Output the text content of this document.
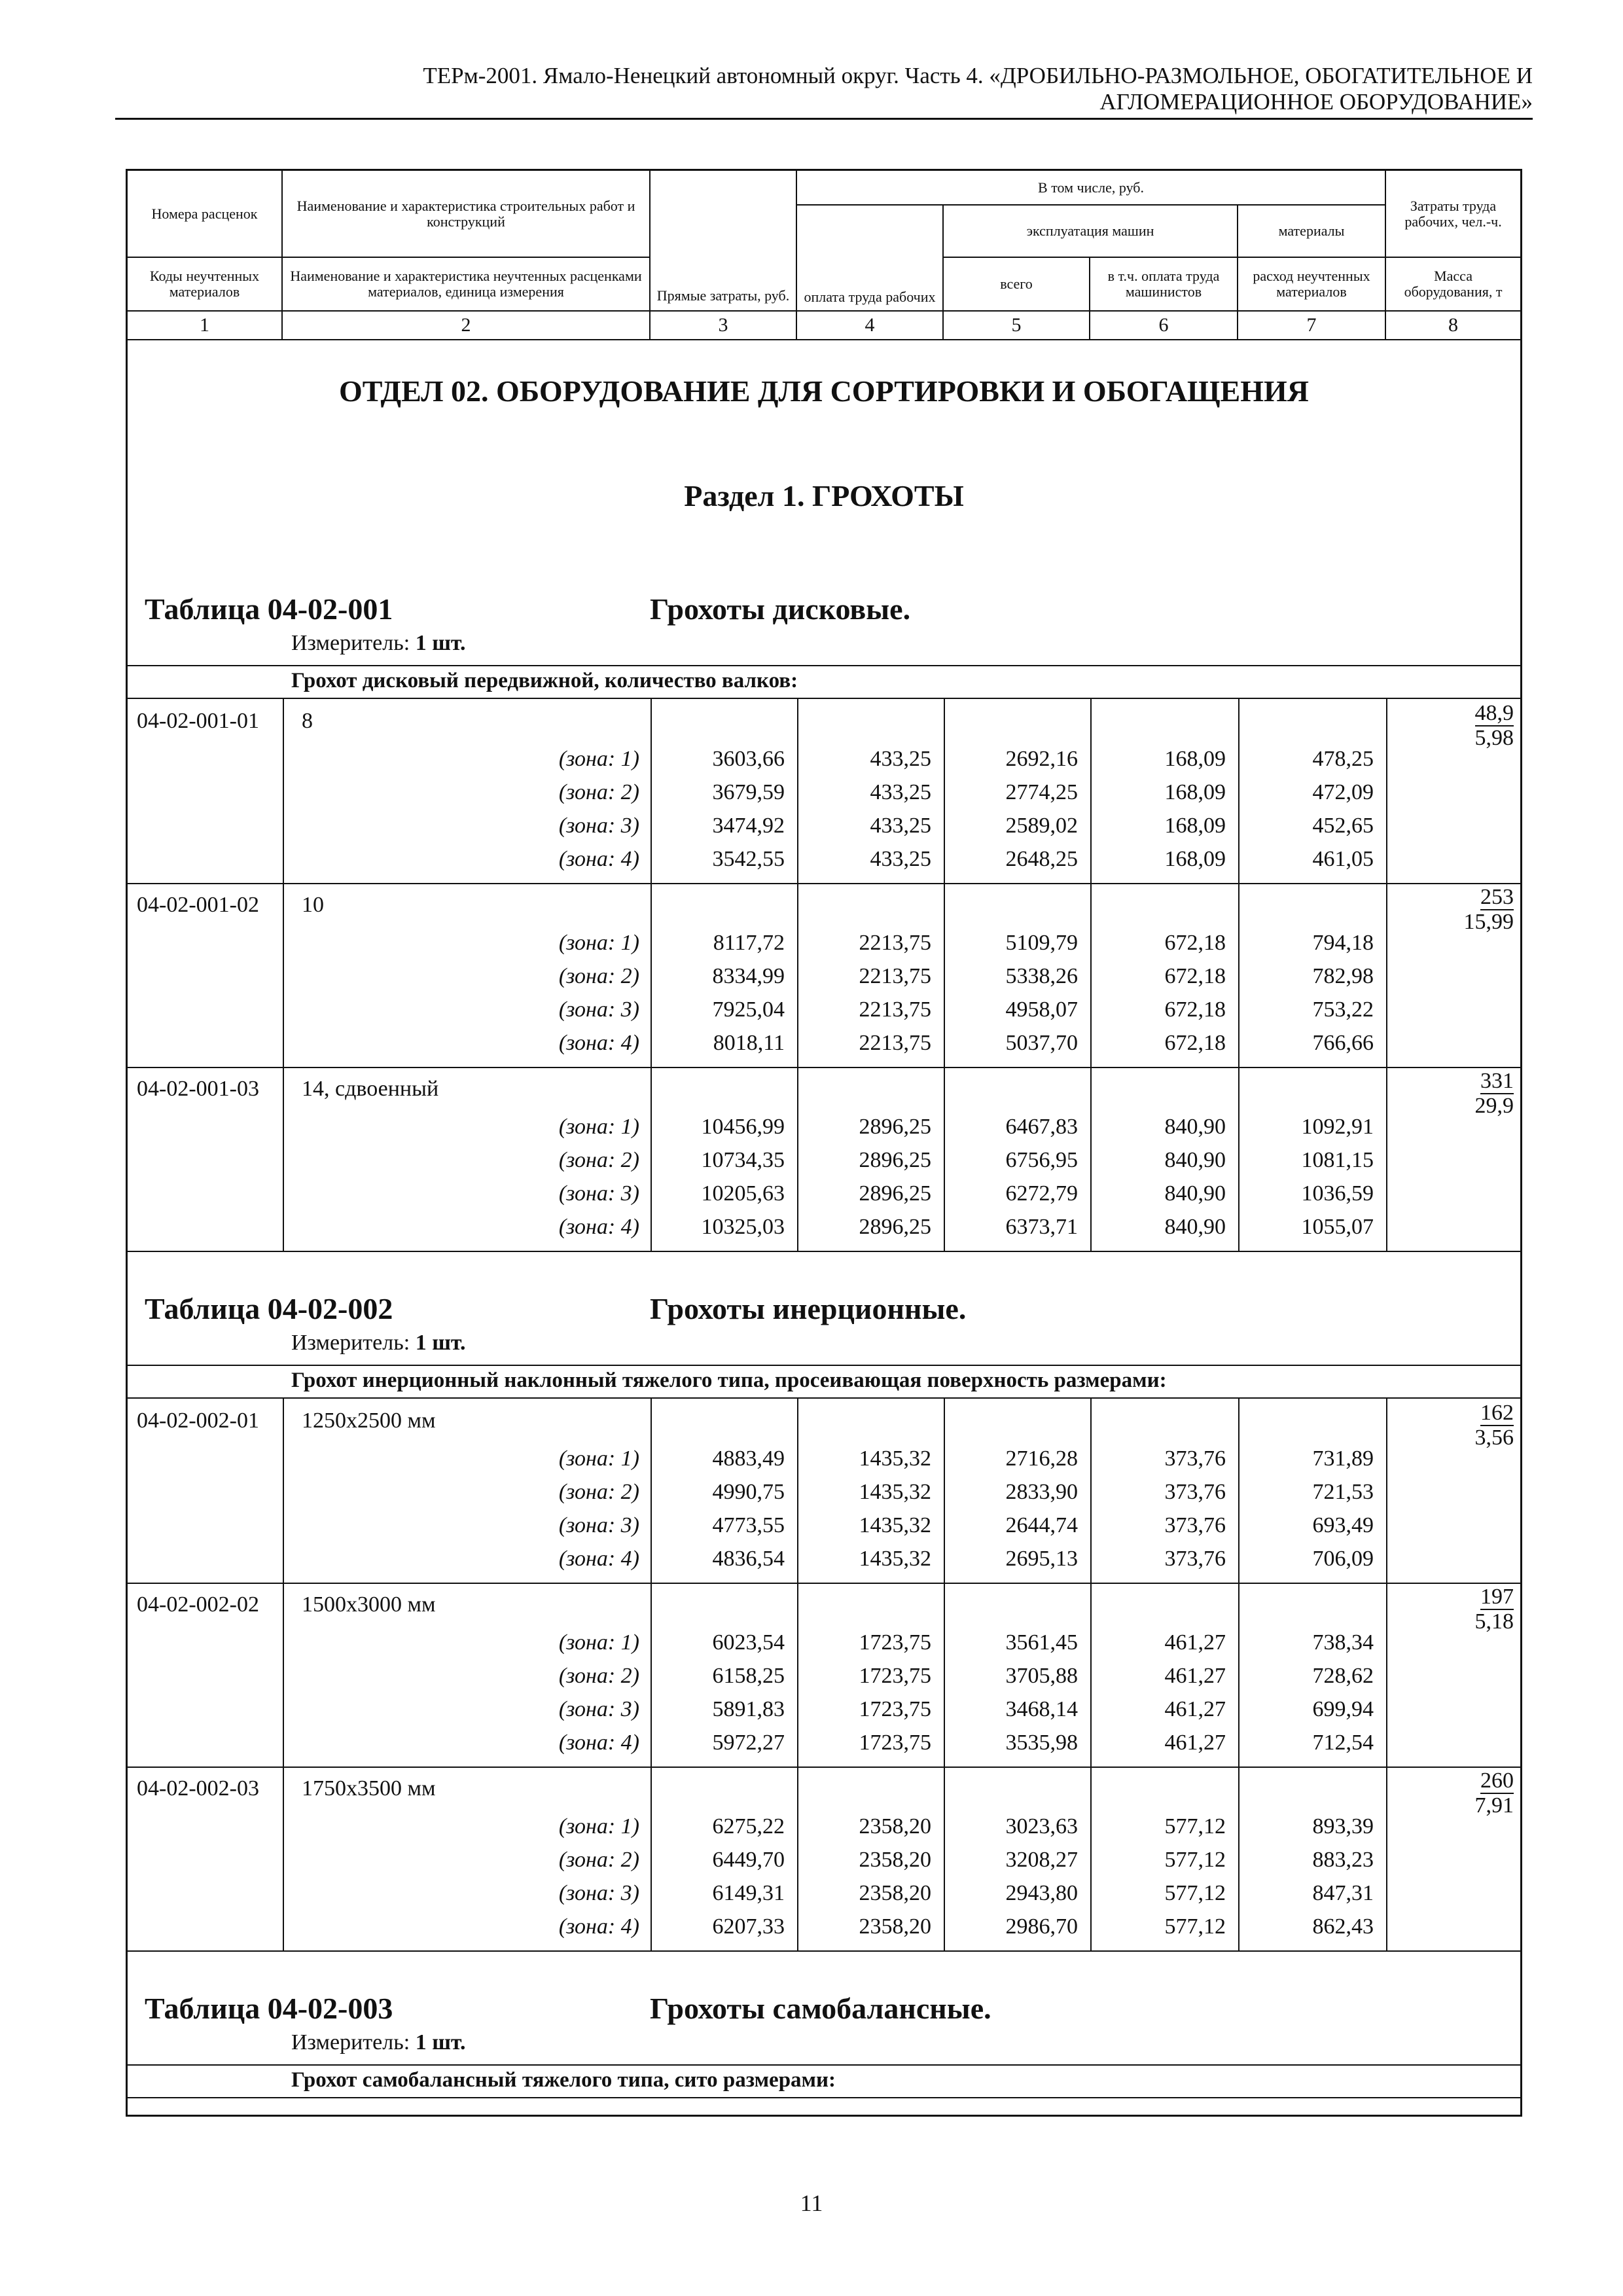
ТЕРм-2001. Ямало-Ненецкий автономный округ. Часть 4. «ДРОБИЛЬНО-РАЗМОЛЬНОЕ, ОБОГАТИТЕЛЬНОЕ И
АГЛОМЕРАЦИОННОЕ ОБОРУДОВАНИЕ»
Номера расценок	Наименование и характеристика строительных работ и конструкций	Прямые затраты, руб.	В том числе, руб.				Затраты труда рабочих, чел.-ч.
			оплата труда рабочих	эксплуатация машин		материалы	
Коды неучтенных материалов	Наименование и характеристика неучтенных расценками материалов, единица измерения			всего	в т.ч. оплата труда машинистов	расход неучтенных материалов	Масса оборудования, т
1	2	3	4	5	6	7	8
ОТДЕЛ 02. ОБОРУДОВАНИЕ ДЛЯ СОРТИРОВКИ И ОБОГАЩЕНИЯ
Раздел 1. ГРОХОТЫ
Таблица 04-02-001	Грохоты дисковые.
Измеритель: 1 шт.
Грохот дисковый передвижной, количество валков:
04-02-001-01 8	$\frac{48,9}{5,98}$
(зона: 1)	3603,66	433,25	2692,16	168,09	478,25
(зона: 2)	3679,59	433,25	2774,25	168,09	472,09
(зона: 3)	3474,92	433,25	2589,02	168,09	452,65
(зона: 4)	3542,55	433,25	2648,25	168,09	461,05
04-02-001-02 10	$\frac{253}{15,99}$
(зона: 1)	8117,72	2213,75	5109,79	672,18	794,18
(зона: 2)	8334,99	2213,75	5338,26	672,18	782,98
(зона: 3)	7925,04	2213,75	4958,07	672,18	753,22
(зона: 4)	8018,11	2213,75	5037,70	672,18	766,66
04-02-001-03 14, сдвоенный	$\frac{331}{29,9}$
(зона: 1)	10456,99	2896,25	6467,83	840,90	1092,91
(зона: 2)	10734,35	2896,25	6756,95	840,90	1081,15
(зона: 3)	10205,63	2896,25	6272,79	840,90	1036,59
(зона: 4)	10325,03	2896,25	6373,71	840,90	1055,07
Таблица 04-02-002	Грохоты инерционные.
Измеритель: 1 шт.
Грохот инерционный наклонный тяжелого типа, просеивающая поверхность размерами:
04-02-002-01 1250х2500 мм	$\frac{162}{3,56}$
(зона: 1)	4883,49	1435,32	2716,28	373,76	731,89
(зона: 2)	4990,75	1435,32	2833,90	373,76	721,53
(зона: 3)	4773,55	1435,32	2644,74	373,76	693,49
(зона: 4)	4836,54	1435,32	2695,13	373,76	706,09
04-02-002-02 1500х3000 мм	$\frac{197}{5,18}$
(зона: 1)	6023,54	1723,75	3561,45	461,27	738,34
(зона: 2)	6158,25	1723,75	3705,88	461,27	728,62
(зона: 3)	5891,83	1723,75	3468,14	461,27	699,94
(зона: 4)	5972,27	1723,75	3535,98	461,27	712,54
04-02-002-03 1750х3500 мм	$\frac{260}{7,91}$
(зона: 1)	6275,22	2358,20	3023,63	577,12	893,39
(зона: 2)	6449,70	2358,20	3208,27	577,12	883,23
(зона: 3)	6149,31	2358,20	2943,80	577,12	847,31
(зона: 4)	6207,33	2358,20	2986,70	577,12	862,43
Таблица 04-02-003	Грохоты самобалансные.
Измеритель: 1 шт.
Грохот самобалансный тяжелого типа, сито размерами:
11
